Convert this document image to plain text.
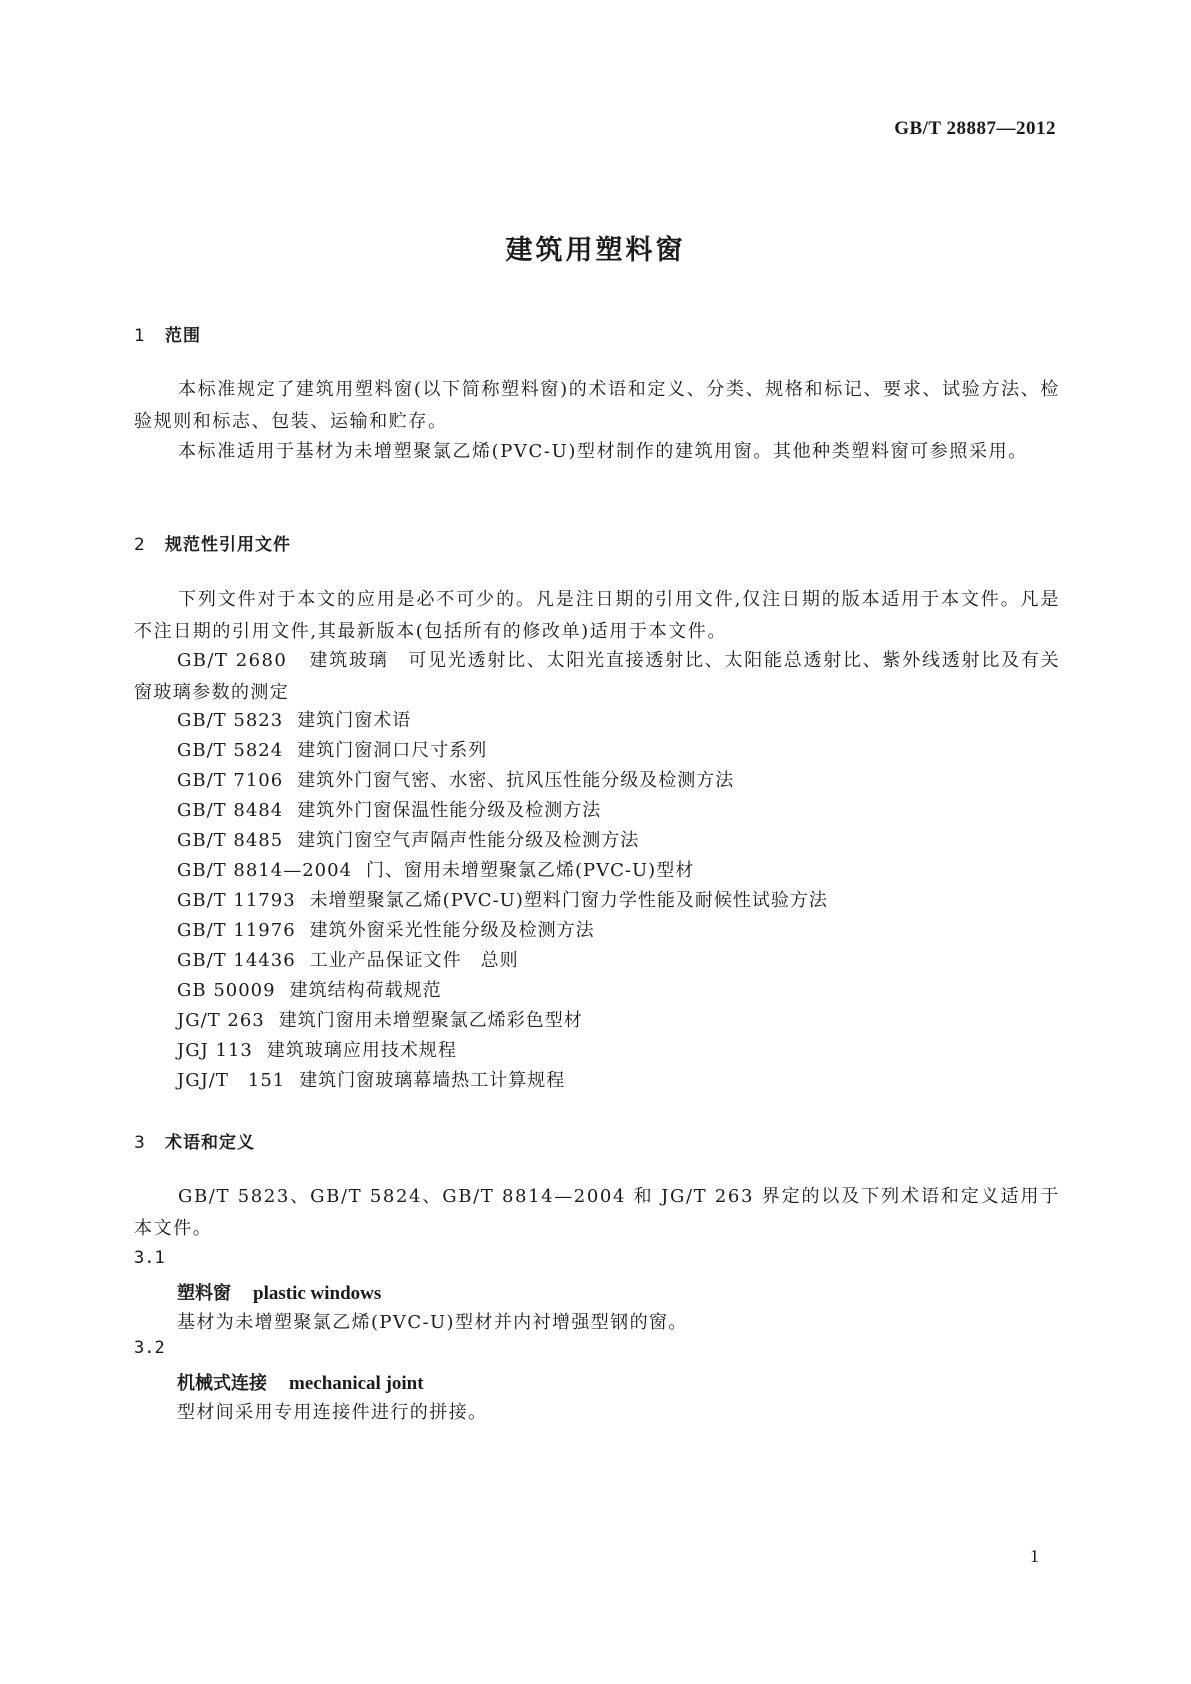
GB/T 28887—2012
建筑用塑料窗
1 范围
本标准规定了建筑用塑料窗(以下简称塑料窗)的术语和定义、分类、规格和标记、要求、试验方法、检验规则和标志、包装、运输和贮存。
本标准适用于基材为未增塑聚氯乙烯(PVC-U)型材制作的建筑用窗。其他种类塑料窗可参照采用。
2 规范性引用文件
下列文件对于本文的应用是必不可少的。凡是注日期的引用文件,仅注日期的版本适用于本文件。凡是不注日期的引用文件,其最新版本(包括所有的修改单)适用于本文件。
GB/T 2680 建筑玻璃　可见光透射比、太阳光直接透射比、太阳能总透射比、紫外线透射比及有关窗玻璃参数的测定
GB/T 5823 建筑门窗术语
GB/T 5824 建筑门窗洞口尺寸系列
GB/T 7106 建筑外门窗气密、水密、抗风压性能分级及检测方法
GB/T 8484 建筑外门窗保温性能分级及检测方法
GB/T 8485 建筑门窗空气声隔声性能分级及检测方法
GB/T 8814—2004 门、窗用未增塑聚氯乙烯(PVC-U)型材
GB/T 11793 未增塑聚氯乙烯(PVC-U)塑料门窗力学性能及耐候性试验方法
GB/T 11976 建筑外窗采光性能分级及检测方法
GB/T 14436 工业产品保证文件　总则
GB 50009 建筑结构荷载规范
JG/T 263 建筑门窗用未增塑聚氯乙烯彩色型材
JGJ 113 建筑玻璃应用技术规程
JGJ/T　151 建筑门窗玻璃幕墙热工计算规程
3 术语和定义
GB/T 5823、GB/T 5824、GB/T 8814—2004 和 JG/T 263 界定的以及下列术语和定义适用于本文件。
3.1
塑料窗 plastic windows
基材为未增塑聚氯乙烯(PVC-U)型材并内衬增强型钢的窗。
3.2
机械式连接 mechanical joint
型材间采用专用连接件进行的拼接。
1
